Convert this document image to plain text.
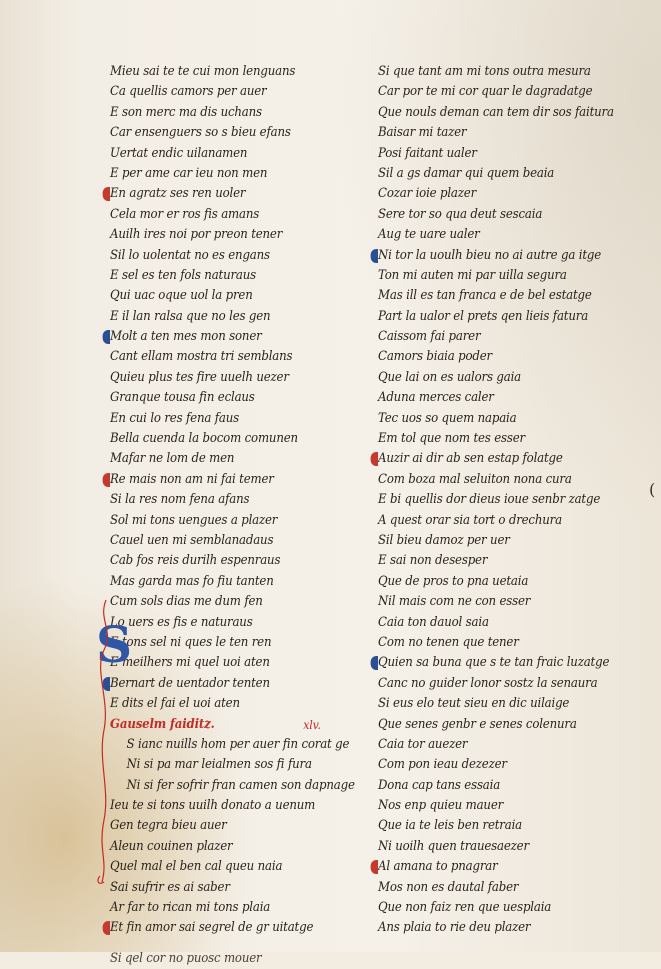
Mieu sai te te cui mon lenguans
Ca quellis camors per auer
E son merc ma dis uchans
Car ensenguers so s bieu efans
Uertat endic uilanamen
E per ame car ieu non men
En agratz ses ren uoler
Cela mor er ros fis amans
Auilh ires noi por preon tener
Sil lo uolentat no es engans
E sel es ten fols naturaus
Qui uac oque uol la pren
E il lan ralsa que no les gen
Molt a ten mes mon soner
Cant ellam mostra tri semblans
Quieu plus tes fire uuelh uezer
Granque tousa fin eclaus
En cui lo res fena faus
Bella cuenda la bocom comunen
Mafar ne lom de men
Re mais non am ni fai temer
Si la res nom fena afans
Sol mi tons uengues a plazer
Cauel uen mi semblanadaus
Cab fos reis durilh espenraus
Mas garda mas fo fiu tanten
Cum sols dias me dum fen
Lo uers es fis e naturaus
E tons sel ni ques le ten ren
E meilhers mi quel uoi aten
Bernart de uentador tenten
E dits el fai el uoi aten
Gauselm faiditz.	xlv.
S ianc nuills hom per auer fin corat ge
Ni si pa mar leialmen sos fi fura
Ni si fer sofrir fran camen son dapnage
Ieu te si tons uuilh donato a uenum
Gen tegra bieu auer
Aleun couinen plazer
Quel mal el ben cal queu naia
Sai sufrir es ai saber
Ar far to rican mi tons plaia
Et fin amor sai segrel de gr uitatge
Si qel cor no puosc mouer
S
Si que tant am mi tons outra mesura
Car por te mi cor quar le dagradatge
Que nouls deman can tem dir sos faitura
Baisar mi tazer
Posi faitant ualer
Sil a gs damar qui quem beaia
Cozar ioie plazer
Sere tor so qua deut sescaia
Aug te uare ualer
Ni tor la uoulh bieu no ai autre ga itge
Ton mi auten mi par uilla segura
Mas ill es tan franca e de bel estatge
Part la ualor el prets qen lieis fatura
Caissom fai parer
Camors biaia poder
Que lai on es ualors gaia
Aduna merces caler
Tec uos so quem napaia
Em tol que nom tes esser
Auzir ai dir ab sen estap folatge
Com boza mal seluiton nona cura
E bi quellis dor dieus ioue senbr zatge
A quest orar sia tort o drechura
Sil bieu damoz per uer
E sai non desesper
Que de pros to pna uetaia
Nil mais com ne con esser
Caia ton dauol saia
Com no tenen que tener
Quien sa buna que s te tan fraic luzatge
Canc no guider lonor sostz la senaura
Si eus elo teut sieu en dic uilaige
Que senes genbr e senes colenura
Caia tor auezer
Com pon ieau dezezer
Dona cap tans essaia
Nos enp quieu mauer
Que ia te leis ben retraia
Ni uoilh quen trauesaezer
Al amana to pnagrar
Mos non es dautal faber
Que non faiz ren que uesplaia
Ans plaia to rie deu plazer
(
